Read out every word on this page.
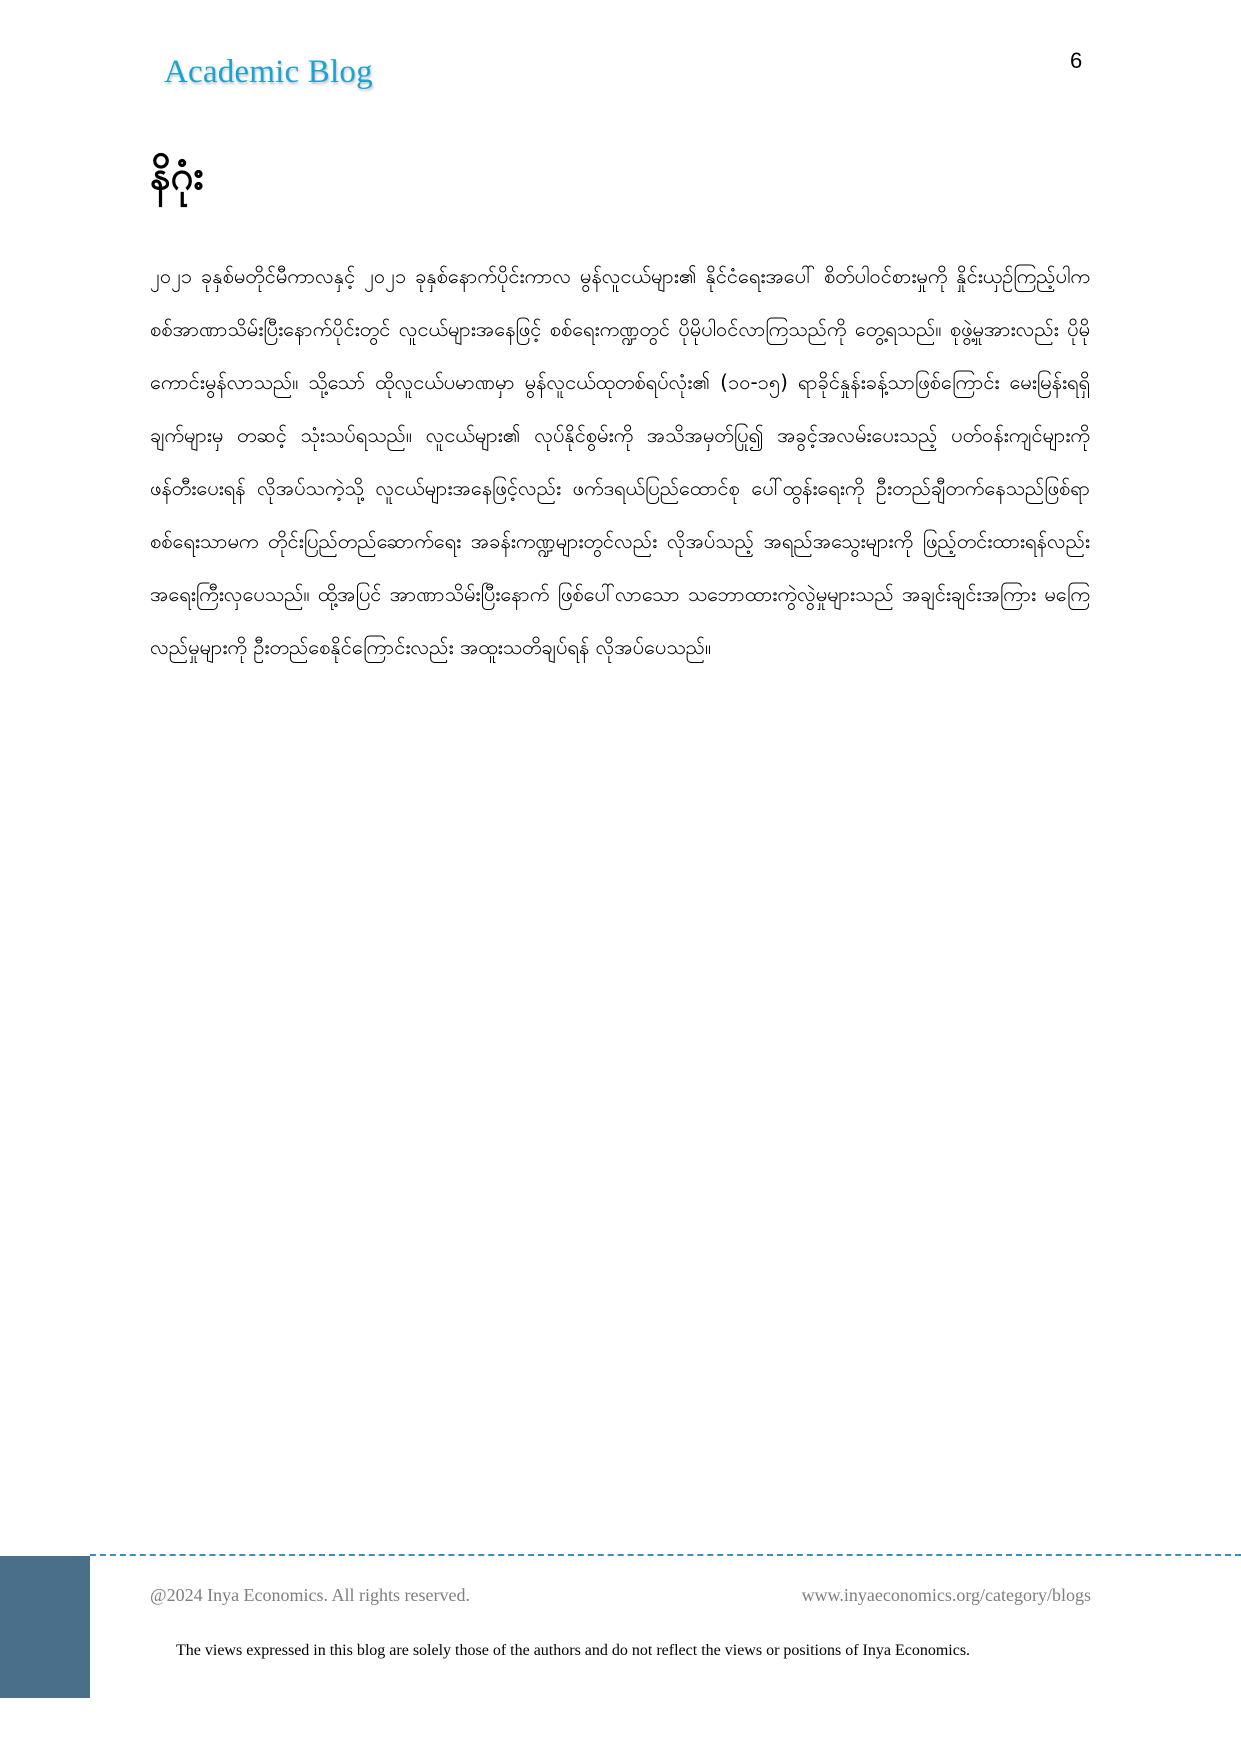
Academic Blog	6
နိဂုံး
၂၀၂၁ ခုနှစ်မတိုင်မီကာလနှင့် ၂၀၂၁ ခုနှစ်နောက်ပိုင်းကာလ မွန်လူငယ်များ၏ နိုင်ငံရေးအပေါ် စိတ်ပါဝင်စားမှုကို နှိုင်းယှဉ်ကြည့်ပါက စစ်အာဏာသိမ်းပြီးနောက်ပိုင်းတွင် လူငယ်များအနေဖြင့် စစ်ရေးကဏ္ဍတွင် ပိုမိုပါဝင်လာကြသည်ကို တွေ့ရသည်။ စုဖွဲ့မှုအားလည်း ပိုမိုကောင်းမွန်လာသည်။ သို့သော် ထိုလူငယ်ပမာဏမှာ မွန်လူငယ်ထုတစ်ရပ်လုံး၏ (၁၀-၁၅) ရာခိုင်နှုန်းခန့်သာဖြစ်ကြောင်း မေးမြန်းရရှိချက်များမှ တဆင့် သုံးသပ်ရသည်။ လူငယ်များ၏ လုပ်နိုင်စွမ်းကို အသိအမှတ်ပြု၍ အခွင့်အလမ်းပေးသည့် ပတ်ဝန်းကျင်များကို ဖန်တီးပေးရန် လိုအပ်သကဲ့သို့ လူငယ်များအနေဖြင့်လည်း ဖက်ဒရယ်ပြည်ထောင်စု ပေါ်ထွန်းရေးကို ဦးတည်ချီတက်နေသည်ဖြစ်ရာ စစ်ရေးသာမက တိုင်းပြည်တည်ဆောက်ရေး အခန်းကဏ္ဍများတွင်လည်း လိုအပ်သည့် အရည်အသွေးများကို ဖြည့်တင်းထားရန်လည်း အရေးကြီးလှပေသည်။ ထို့အပြင် အာဏာသိမ်းပြီးနောက် ဖြစ်ပေါ်လာသော သဘောထားကွဲလွဲမှုများသည် အချင်းချင်းအကြား မကြေလည်မှုများကို ဦးတည်စေနိုင်ကြောင်းလည်း အထူးသတိချပ်ရန် လိုအပ်ပေသည်။
@2024 Inya Economics. All rights reserved.	www.inyaeconomics.org/category/blogs
The views expressed in this blog are solely those of the authors and do not reflect the views or positions of Inya Economics.
